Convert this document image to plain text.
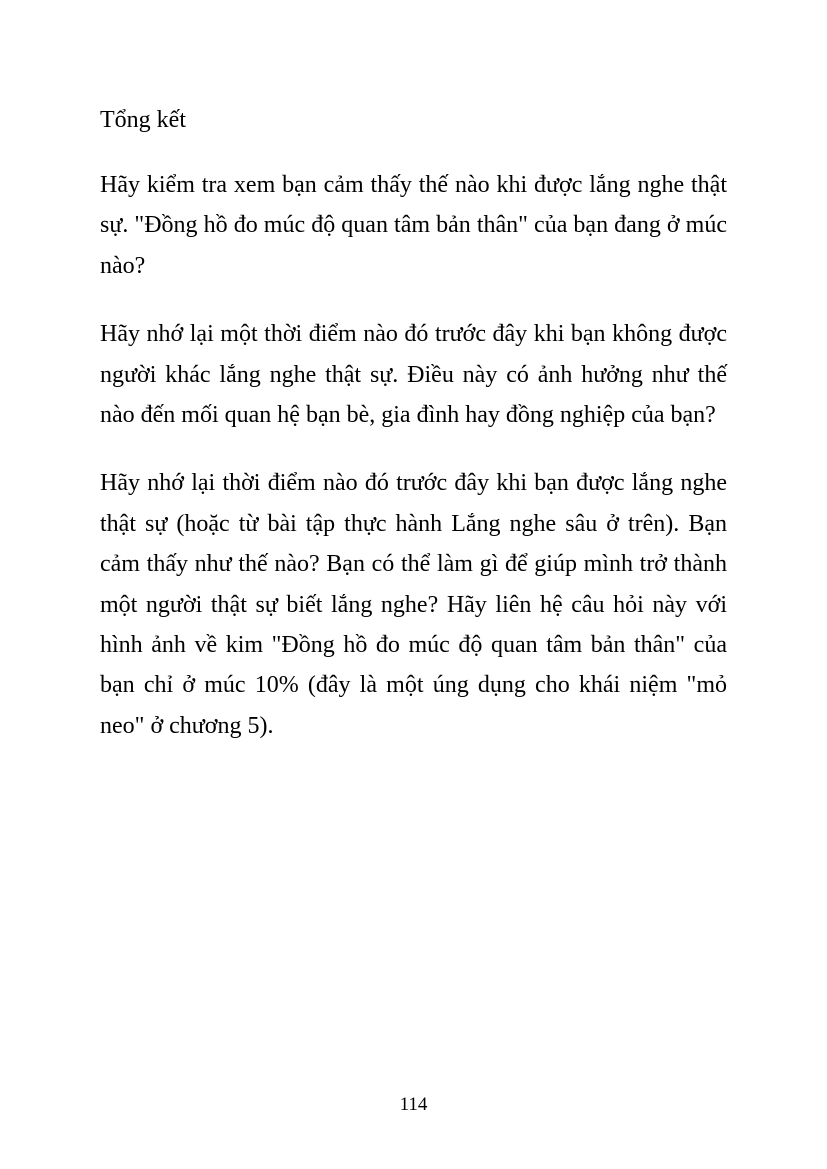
Tổng kết

Hãy kiểm tra xem bạn cảm thấy thế nào khi được lắng nghe thật sự. "Đồng hồ đo múc độ quan tâm bản thân" của bạn đang ở múc nào?

Hãy nhớ lại một thời điểm nào đó trước đây khi bạn không được người khác lắng nghe thật sự. Điều này có ảnh hưởng như thế nào đến mối quan hệ bạn bè, gia đình hay đồng nghiệp của bạn?

Hãy nhớ lại thời điểm nào đó trước đây khi bạn được lắng nghe thật sự (hoặc từ bài tập thực hành Lắng nghe sâu ở trên). Bạn cảm thấy như thế nào? Bạn có thể làm gì để giúp mình trở thành một người thật sự biết lắng nghe? Hãy liên hệ câu hỏi này với hình ảnh về kim "Đồng hồ đo múc độ quan tâm bản thân" của bạn chỉ ở múc 10% (đây là một úng dụng cho khái niệm "mỏ neo" ở chương 5).

114
